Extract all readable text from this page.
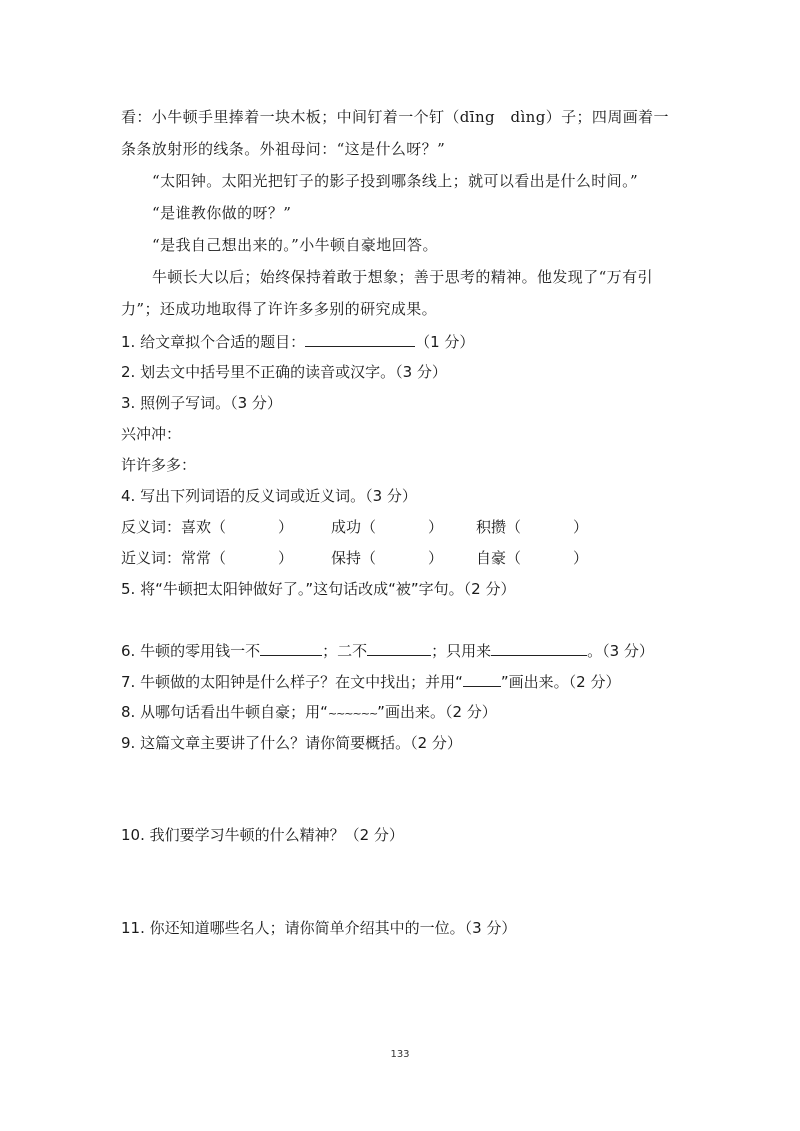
看：小牛顿手里捧着一块木板；中间钉着一个钉（dīng　dìng）子；四周画着一
条条放射形的线条。外祖母问：“这是什么呀？”
“太阳钟。太阳光把钉子的影子投到哪条线上；就可以看出是什么时间。”
“是谁教你做的呀？”
“是我自己想出来的。”小牛顿自豪地回答。
牛顿长大以后；始终保持着敢于想象；善于思考的精神。他发现了“万有引
力”；还成功地取得了许许多多别的研究成果。
1. 给文章拟个合适的题目：	（1 分）
2. 划去文中括号里不正确的读音或汉字。（3 分）
3. 照例子写词。（3 分）
兴冲冲：
许许多多：
4. 写出下列词语的反义词或近义词。（3 分）
反义词： 喜欢（	）	成功（	） 积攒（	）
近义词： 常常（	）	保持（	） 自豪（	）
5. 将“牛顿把太阳钟做好了。”这句话改成“被”字句。（2 分）
6. 牛顿的零用钱一不	；二不	；只用来	。（3 分）
7. 牛顿做的太阳钟是什么样子？在文中找出；并用“	”画出来。（2 分）
8. 从哪句话看出牛顿自豪；用“~~~~~~”画出来。（2 分）
9. 这篇文章主要讲了什么？请你简要概括。（2 分）
10. 我们要学习牛顿的什么精神？（2 分）
11. 你还知道哪些名人；请你简单介绍其中的一位。（3 分）
133
